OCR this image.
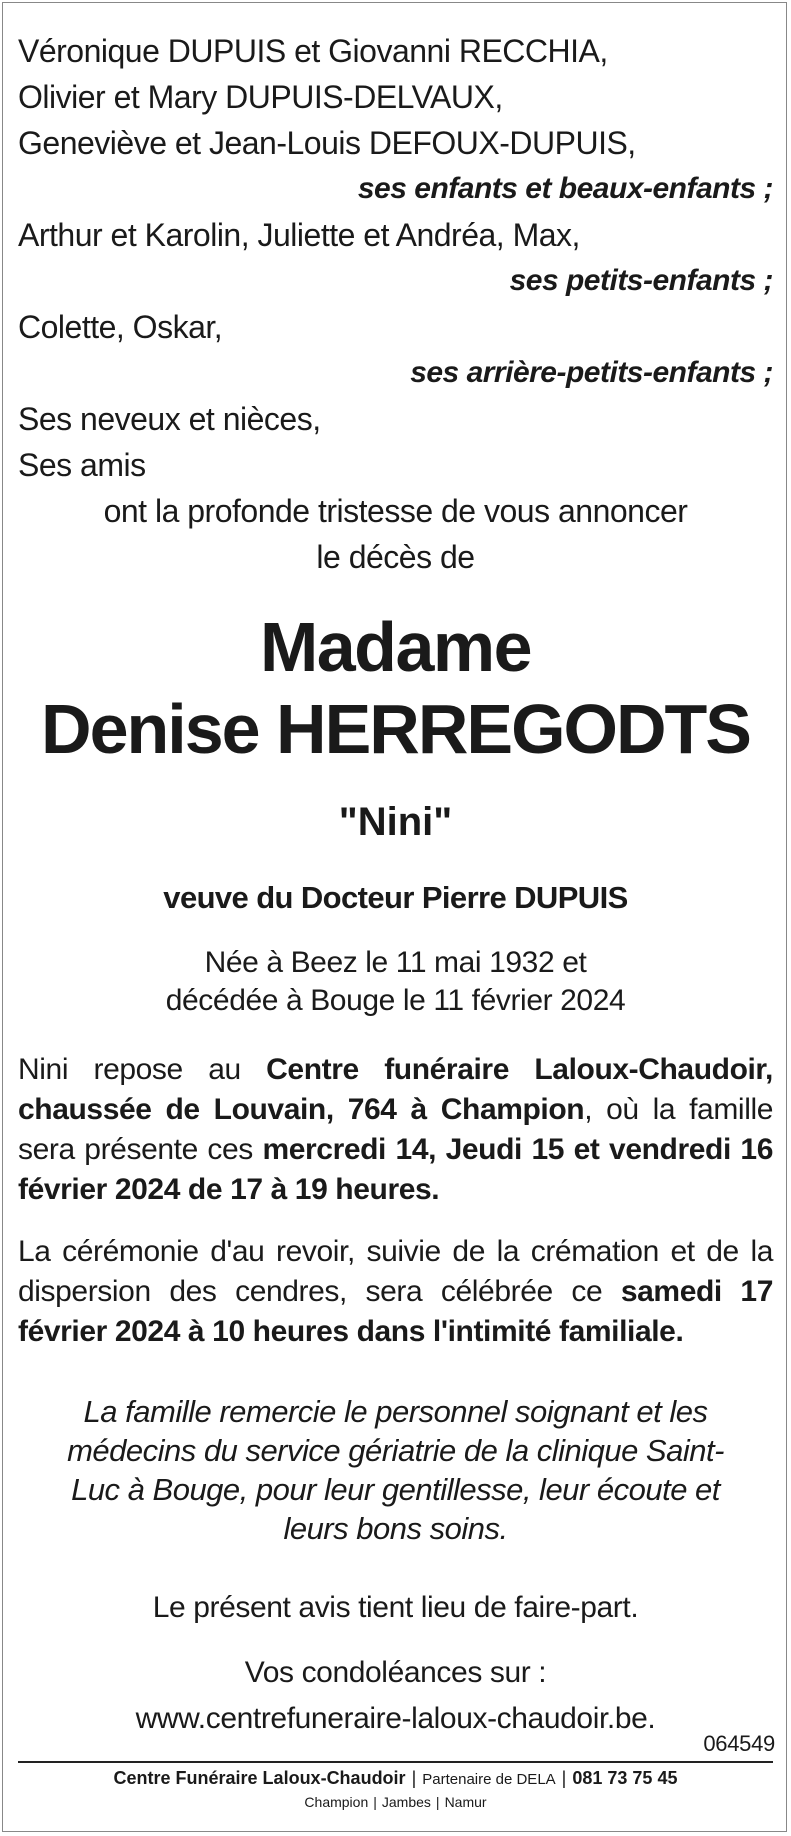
Véronique DUPUIS et Giovanni RECCHIA,
Olivier et Mary DUPUIS-DELVAUX,
Geneviève et Jean-Louis DEFOUX-DUPUIS,
ses enfants et beaux-enfants ;
Arthur et Karolin, Juliette et Andréa, Max,
ses petits-enfants ;
Colette, Oskar,
ses arrière-petits-enfants ;
Ses neveux et nièces,
Ses amis
ont la profonde tristesse de vous annoncer
le décès de
Madame
Denise HERREGODTS
"Nini"
veuve du Docteur Pierre DUPUIS
Née à Beez le 11 mai 1932 et
décédée à Bouge le 11 février 2024
Nini repose au Centre funéraire Laloux-Chaudoir, chaussée de Louvain, 764 à Champion, où la famille sera présente ces mercredi 14, Jeudi 15 et vendredi 16 février 2024 de 17 à 19 heures.
La cérémonie d'au revoir, suivie de la crémation et de la dispersion des cendres, sera célébrée ce samedi 17 février 2024 à 10 heures dans l'intimité familiale.
La famille remercie le personnel soignant et les
médecins du service gériatrie de la clinique Saint-
Luc à Bouge, pour leur gentillesse, leur écoute et
leurs bons soins.
Le présent avis tient lieu de faire-part.
Vos condoléances sur :
www.centrefuneraire-laloux-chaudoir.be.
064549
Centre Funéraire Laloux-Chaudoir | Partenaire de DELA | 081 73 75 45
Champion | Jambes | Namur
